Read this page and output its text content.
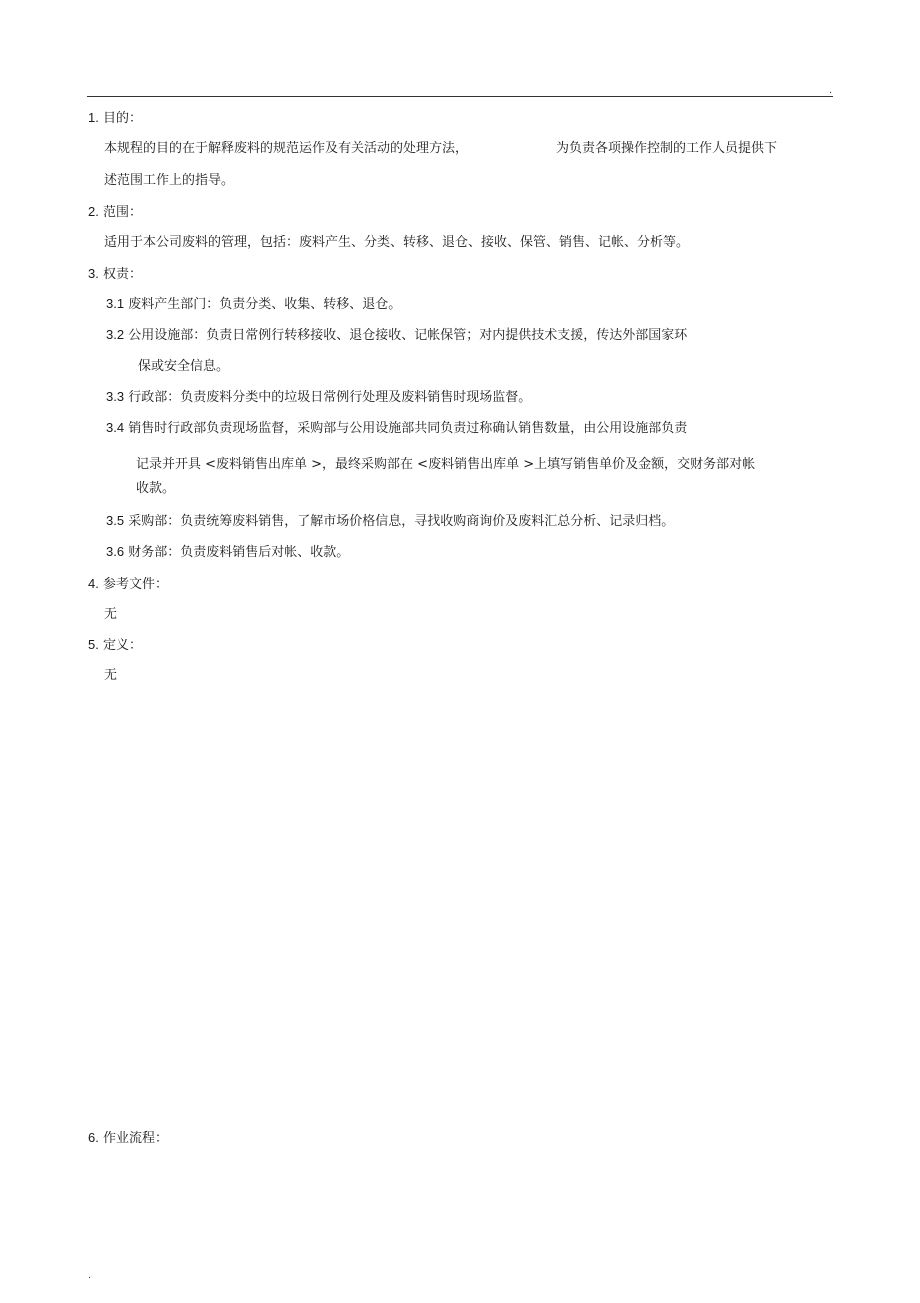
.
1. 目的：
本规程的目的在于解释废料的规范运作及有关活动的处理方法，	为负责各项操作控制的工作人员提供下
述范围工作上的指导。
2. 范围：
适用于本公司废料的管理，包括：废料产生、分类、转移、退仓、接收、保管、销售、记帐、分析等。
3. 权责：
3.1 废料产生部门：负责分类、收集、转移、退仓。
3.2 公用设施部：负责日常例行转移接收、退仓接收、记帐保管；对内提供技术支援，传达外部国家环
保或安全信息。
3.3 行政部：负责废料分类中的垃圾日常例行处理及废料销售时现场监督。
3.4 销售时行政部负责现场监督，采购部与公用设施部共同负责过称确认销售数量，由公用设施部负责
记录并开具 <废料销售出库单 >，最终采购部在 <废料销售出库单 >上填写销售单价及金额，交财务部对帐
收款。
3.5 采购部：负责统筹废料销售，了解市场价格信息，寻找收购商询价及废料汇总分析、记录归档。
3.6 财务部：负责废料销售后对帐、收款。
4. 参考文件：
无
5. 定义：
无
6. 作业流程：
.
